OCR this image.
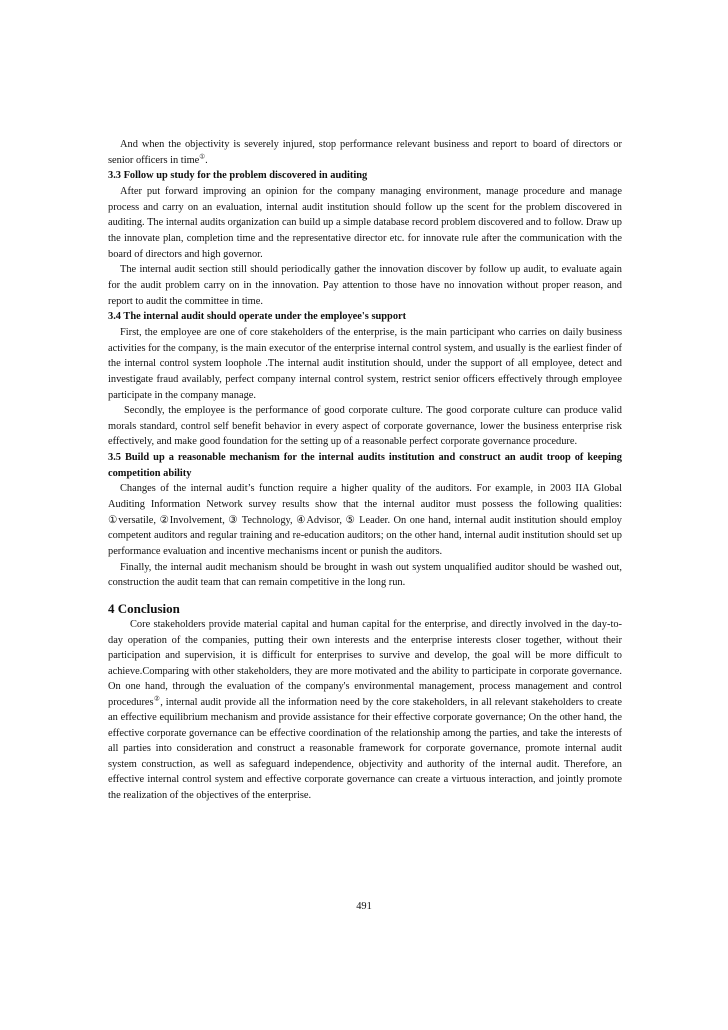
And when the objectivity is severely injured, stop performance relevant business and report to board of directors or senior officers in time①.

3.3 Follow up study for the problem discovered in auditing

After put forward improving an opinion for the company managing environment, manage procedure and manage process and carry on an evaluation, internal audit institution should follow up the scent for the problem discovered in auditing. The internal audits organization can build up a simple database record problem discovered and to follow. Draw up the innovate plan, completion time and the representative director etc. for innovate rule after the communication with the board of directors and high governor.

The internal audit section still should periodically gather the innovation discover by follow up audit, to evaluate again for the audit problem carry on in the innovation. Pay attention to those have no innovation without proper reason, and report to audit the committee in time.

3.4 The internal audit should operate under the employee's support

First, the employee are one of core stakeholders of the enterprise, is the main participant who carries on daily business activities for the company, is the main executor of the enterprise internal control system, and usually is the earliest finder of the internal control system loophole .The internal audit institution should, under the support of all employee, detect and investigate fraud availably, perfect company internal control system, restrict senior officers effectively through employee participate in the company manage.

Secondly, the employee is the performance of good corporate culture. The good corporate culture can produce valid morals standard, control self benefit behavior in every aspect of corporate governance, lower the business enterprise risk effectively, and make good foundation for the setting up of a reasonable perfect corporate governance procedure.

3.5 Build up a reasonable mechanism for the internal audits institution and construct an audit troop of keeping competition ability

Changes of the internal audit’s function require a higher quality of the auditors. For example, in 2003 IIA Global Auditing Information Network survey results show that the internal auditor must possess the following qualities: ①versatile, ②Involvement, ③ Technology, ④Advisor, ⑤ Leader. On one hand, internal audit institution should employ competent auditors and regular training and re-education auditors; on the other hand, internal audit institution should set up performance evaluation and incentive mechanisms incent or punish the auditors.

Finally, the internal audit mechanism should be brought in wash out system unqualified auditor should be washed out, construction the audit team that can remain competitive in the long run.

4 Conclusion

Core stakeholders provide material capital and human capital for the enterprise, and directly involved in the day-to-day operation of the companies, putting their own interests and the enterprise interests closer together, without their participation and supervision, it is difficult for enterprises to survive and develop, the goal will be more difficult to achieve.Comparing with other stakeholders, they are more motivated and the ability to participate in corporate governance. On one hand, through the evaluation of the company's environmental management, process management and control procedures②, internal audit provide all the information need by the core stakeholders, in all relevant stakeholders to create an effective equilibrium mechanism and provide assistance for their effective corporate governance; On the other hand, the effective corporate governance can be effective coordination of the relationship among the parties, and take the interests of all parties into consideration and construct a reasonable framework for corporate governance, promote internal audit system construction, as well as safeguard independence, objectivity and authority of the internal audit. Therefore, an effective internal control system and effective corporate governance can create a virtuous interaction, and jointly promote the realization of the objectives of the enterprise.

491
